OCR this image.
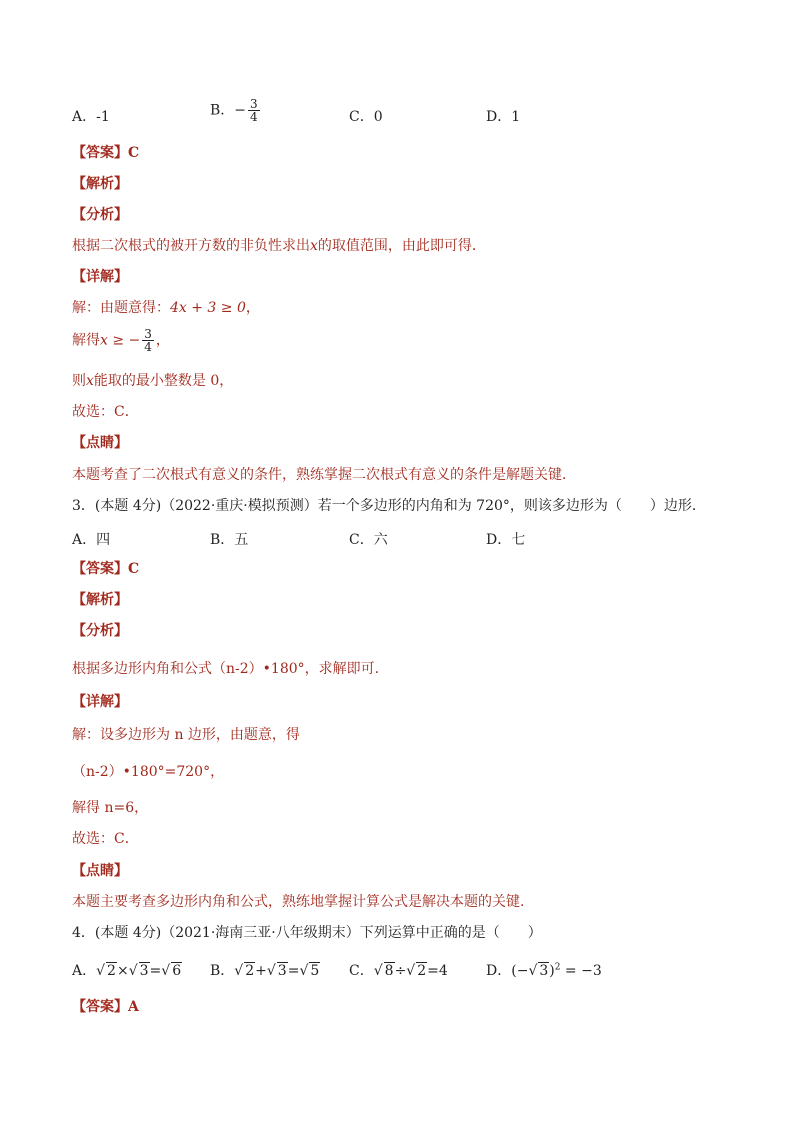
A．-1	B．− $\frac{3}{4}$	C．0	D．1
【答案】C
【解析】
【分析】
根据二次根式的被开方数的非负性求出x的取值范围，由此即可得．
【详解】
解：由题意得：4x + 3 ≥ 0，
解得x ≥ − $\frac{3}{4}$ ，
则x能取的最小整数是 0，
故选：C．
【点睛】
本题考查了二次根式有意义的条件，熟练掌握二次根式有意义的条件是解题关键．
3．(本题 4分)（2022·重庆·模拟预测）若一个多边形的内角和为 720°，则该多边形为（　　）边形．
A．四	B．五	C．六	D．七
【答案】C
【解析】
【分析】
根据多边形内角和公式（n-2）•180°，求解即可.
【详解】
解：设多边形为 n 边形，由题意，得
（n-2）•180°=720°，
解得 n=6，
故选：C．
【点睛】
本题主要考查多边形内角和公式，熟练地掌握计算公式是解决本题的关键.
4．(本题 4分)（2021·海南三亚·八年级期末）下列运算中正确的是（　　）
A．√ 2×√ 3=√ 6 B．√ 2+√ 3=√ 5 C．√ 8÷√ 2=4	D．(−√ 3)$^2$ = −3
【答案】A
